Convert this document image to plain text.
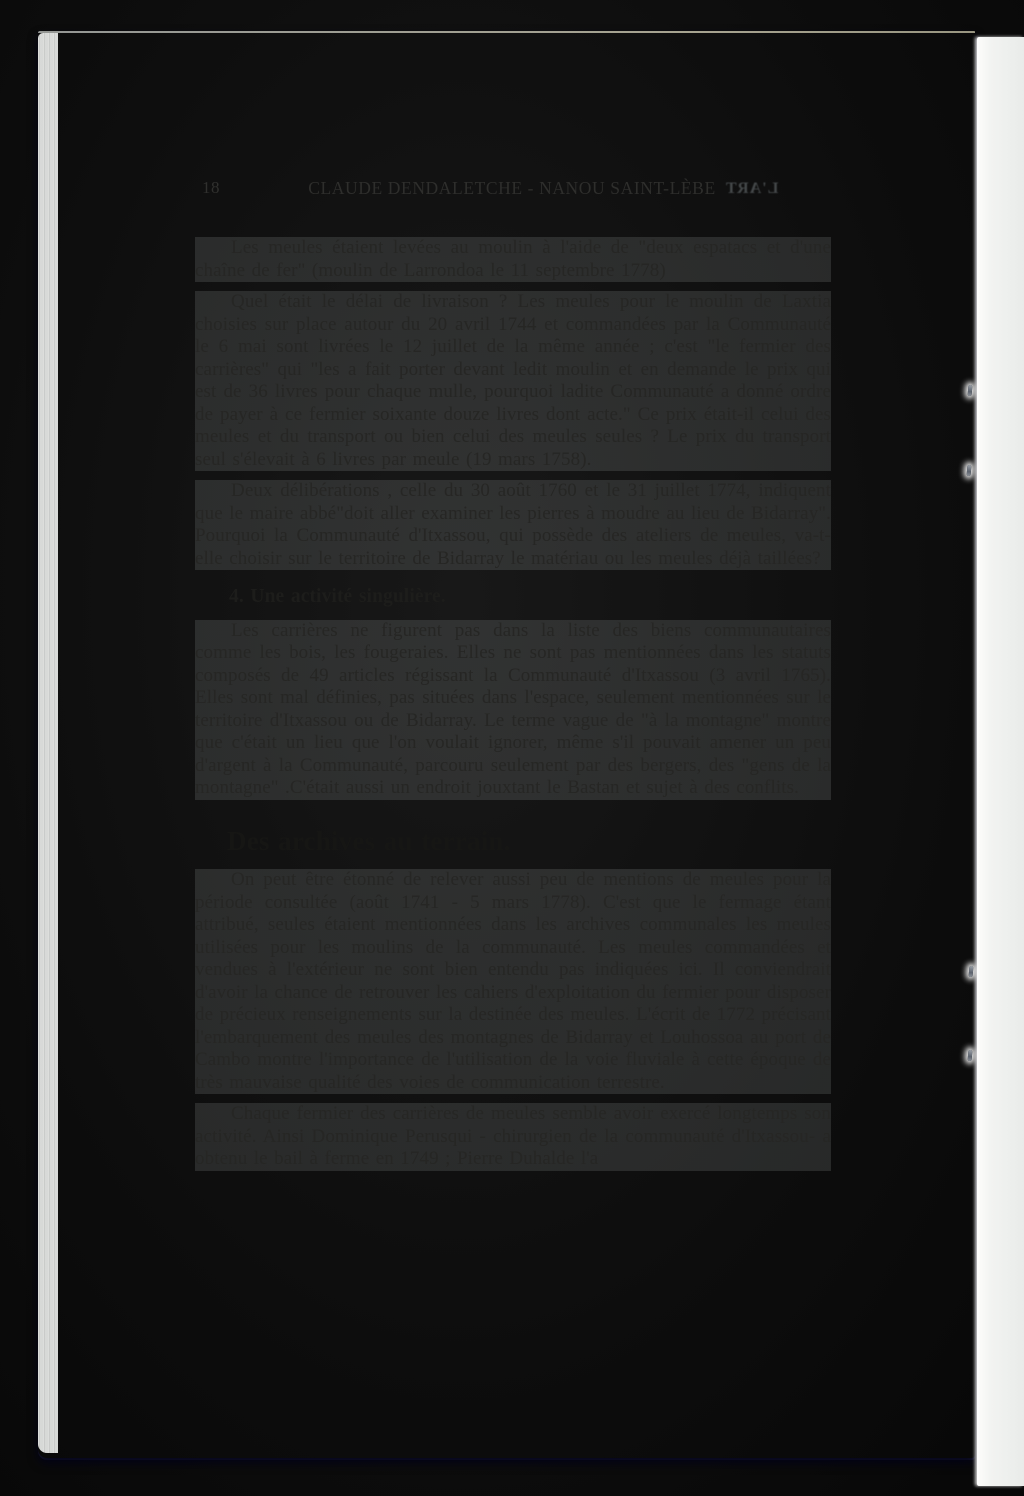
18	CLAUDE DENDALETCHE - NANOU SAINT-LÈBE L'ART

Les meules étaient levées au moulin à l'aide de "deux espatacs et d'une chaîne de fer" (moulin de Larrondoa le 11 septembre 1778)

Quel était le délai de livraison ? Les meules pour le moulin de Laxtia choisies sur place autour du 20 avril 1744 et commandées par la Communauté le 6 mai sont livrées le 12 juillet de la même année ; c'est "le fermier des carrières" qui "les a fait porter devant ledit moulin et en demande le prix qui est de 36 livres pour chaque mulle, pourquoi ladite Communauté a donné ordre de payer à ce fermier soixante douze livres dont acte." Ce prix était-il celui des meules et du transport ou bien celui des meules seules ? Le prix du transport seul s'élevait à 6 livres par meule (19 mars 1758).

Deux délibérations , celle du 30 août 1760 et le 31 juillet 1774, indiquent que le maire abbé"doit aller examiner les pierres à moudre au lieu de Bidarray". Pourquoi la Communauté d'Itxassou, qui possède des ateliers de meules, va-t-elle choisir sur le territoire de Bidarray le matériau ou les meules déjà taillées?

4. Une activité singulière.

Les carrières ne figurent pas dans la liste des biens communautaires comme les bois, les fougeraies. Elles ne sont pas mentionnées dans les statuts composés de 49 articles régissant la Communauté d'Itxassou (3 avril 1765). Elles sont mal définies, pas situées dans l'espace, seulement mentionnées sur le territoire d'Itxassou ou de Bidarray. Le terme vague de "à la montagne" montre que c'était un lieu que l'on voulait ignorer, même s'il pouvait amener un peu d'argent à la Communauté, parcouru seulement par des bergers, des "gens de la montagne" .C'était aussi un endroit jouxtant le Bastan et sujet à des conflits.

Des archives au terrain.

On peut être étonné de relever aussi peu de mentions de meules pour la période consultée (août 1741 - 5 mars 1778). C'est que le fermage étant attribué, seules étaient mentionnées dans les archives communales les meules utilisées pour les moulins de la communauté. Les meules commandées et vendues à l'extérieur ne sont bien entendu pas indiquées ici. Il conviendrait d'avoir la chance de retrouver les cahiers d'exploitation du fermier pour disposer de précieux renseignements sur la destinée des meules. L'écrit de 1772 précisant l'embarquement des meules des montagnes de Bidarray et Louhossoa au port de Cambo montre l'importance de l'utilisation de la voie fluviale à cette époque de très mauvaise qualité des voies de communication terrestre.

Chaque fermier des carrières de meules semble avoir exercé longtemps son activité. Ainsi Dominique Perusqui - chirurgien de la communauté d'Itxassou- a obtenu le bail à ferme en 1749 ; Pierre Duhalde l'a
